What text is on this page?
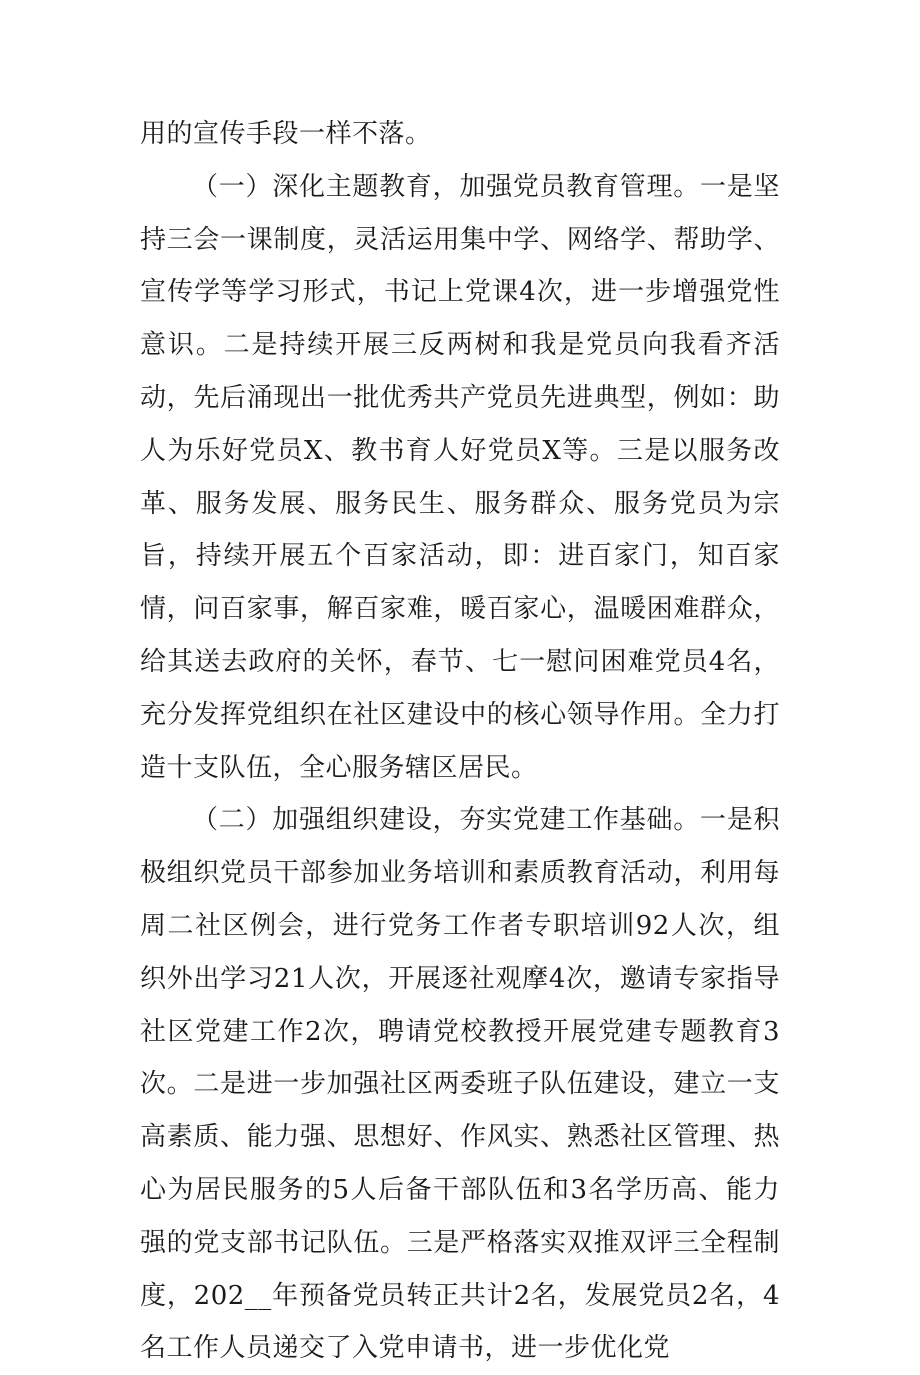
用的宣传手段一样不落。

（一）深化主题教育，加强党员教育管理。一是坚持三会一课制度，灵活运用集中学、网络学、帮助学、宣传学等学习形式，书记上党课4次，进一步增强党性意识。二是持续开展三反两树和我是党员向我看齐活动，先后涌现出一批优秀共产党员先进典型，例如：助人为乐好党员X、教书育人好党员X等。三是以服务改革、服务发展、服务民生、服务群众、服务党员为宗旨，持续开展五个百家活动，即：进百家门，知百家情，问百家事，解百家难，暖百家心，温暖困难群众，给其送去政府的关怀，春节、七一慰问困难党员4名，充分发挥党组织在社区建设中的核心领导作用。全力打造十支队伍，全心服务辖区居民。

（二）加强组织建设，夯实党建工作基础。一是积极组织党员干部参加业务培训和素质教育活动，利用每周二社区例会，进行党务工作者专职培训92人次，组织外出学习21人次，开展逐社观摩4次，邀请专家指导社区党建工作2次，聘请党校教授开展党建专题教育3次。二是进一步加强社区两委班子队伍建设，建立一支高素质、能力强、思想好、作风实、熟悉社区管理、热心为居民服务的5人后备干部队伍和3名学历高、能力强的党支部书记队伍。三是严格落实双推双评三全程制度，202__年预备党员转正共计2名，发展党员2名，4名工作人员递交了入党申请书，进一步优化党
